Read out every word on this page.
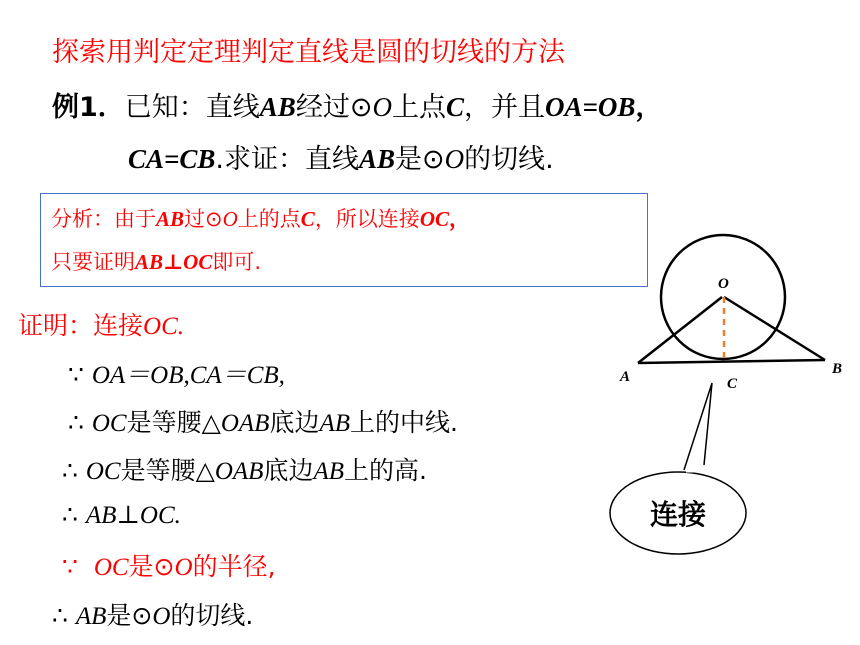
探索用判定定理判定直线是圆的切线的方法
例1．已知：直线AB经过⊙O上点C，并且OA=OB，
CA=CB.求证：直线AB是⊙O的切线.
分析：由于AB过⊙O上的点C，所以连接OC，
只要证明AB⊥OC即可.
证明：连接OC.
∵ OA＝OB,CA＝CB,
∴ OC是等腰△OAB底边AB上的中线.
∴ OC是等腰△OAB底边AB上的高.
∴ AB⊥OC.
∵ OC是⊙O的半径,
∴ AB是⊙O的切线.
O
A	B
C
连接
